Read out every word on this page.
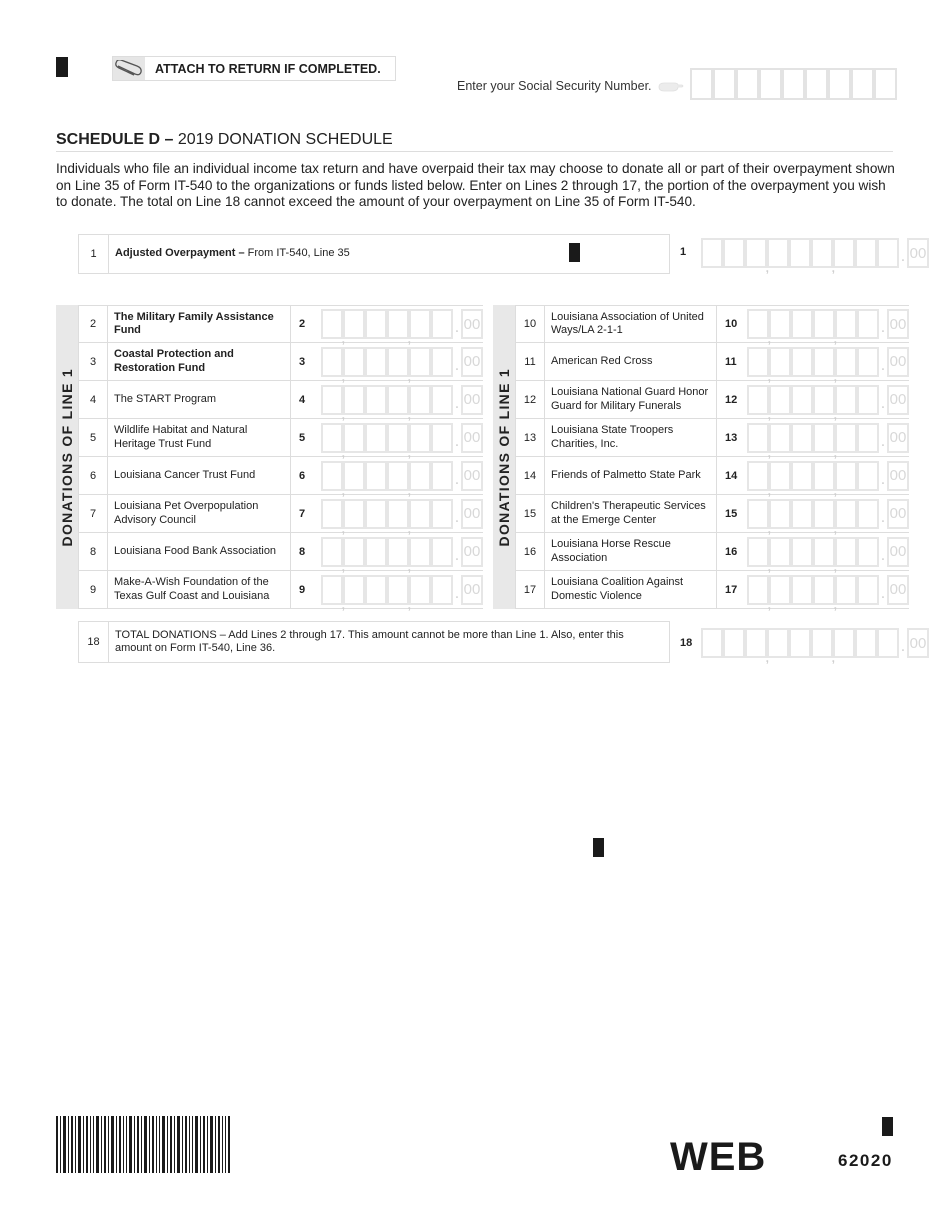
ATTACH TO RETURN IF COMPLETED.
Enter your Social Security Number.
SCHEDULE D – 2019 DONATION SCHEDULE

Individuals who file an individual income tax return and have overpaid their tax may choose to donate all or part of their overpayment shown on Line 35 of Form IT-540 to the organizations or funds listed below. Enter on Lines 2 through 17, the portion of the overpayment you wish to donate. The total on Line 18 cannot exceed the amount of your overpayment on Line 35 of Form IT-540.

1	Adjusted Overpayment –
From IT-540, Line 35	1 , ,	. 00
DONATIONS OF LINE 1
2
The Military Family Assistance Fund	2 , ,	. 00
3
Coastal Protection and Restoration Fund	3 , ,	. 00
4	The START Program	4 , ,	. 00
5
Wildlife Habitat and Natural Heritage Trust Fund	5 , ,	. 00
6	Louisiana Cancer Trust Fund	6 , ,	. 00
7
Louisiana Pet Overpopulation Advisory Council	7 , ,	. 00
8	Louisiana Food Bank Association	8 , ,	. 00
9
Make-A-Wish Foundation of the Texas Gulf Coast and Louisiana	9 , ,	. 00
DONATIONS OF LINE 1
10
Louisiana Association of United Ways/LA 2-1-1	10 , ,	. 00
11	American Red Cross	11 , ,	. 00
12
Louisiana National Guard Honor Guard for Military Funerals	12 , ,	. 00
13
Louisiana State Troopers Charities, Inc.	13 , ,	. 00
14	Friends of Palmetto State Park	14 , ,	. 00
15
Children's Therapeutic Services at the Emerge Center	15 , ,	. 00
16
Louisiana Horse Rescue Association	16 , ,	. 00
17
Louisiana Coalition Against Domestic Violence	17 , ,	. 00
18
TOTAL DONATIONS – Add Lines 2 through 17. This amount cannot be more than Line 1. Also, enter this amount on Form IT-540, Line 36.	18 , ,	. 00
WEB	62020
